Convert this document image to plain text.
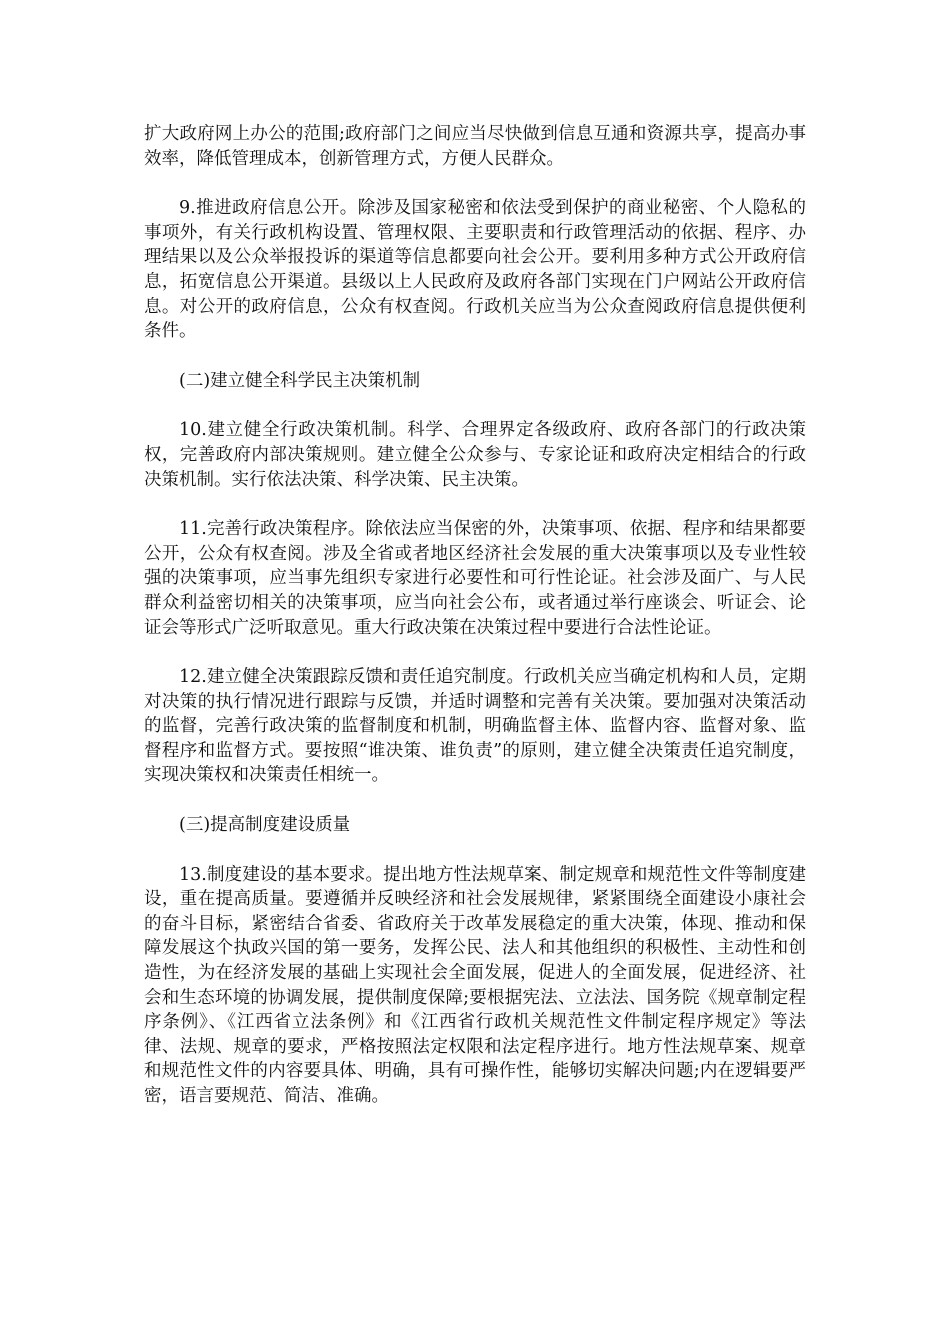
扩大政府网上办公的范围;政府部门之间应当尽快做到信息互通和资源共享，提高办事效率，降低管理成本，创新管理方式，方便人民群众。

9.推进政府信息公开。除涉及国家秘密和依法受到保护的商业秘密、个人隐私的事项外，有关行政机构设置、管理权限、主要职责和行政管理活动的依据、程序、办理结果以及公众举报投诉的渠道等信息都要向社会公开。要利用多种方式公开政府信息，拓宽信息公开渠道。县级以上人民政府及政府各部门实现在门户网站公开政府信息。对公开的政府信息，公众有权查阅。行政机关应当为公众查阅政府信息提供便利条件。

(二)建立健全科学民主决策机制

10.建立健全行政决策机制。科学、合理界定各级政府、政府各部门的行政决策权，完善政府内部决策规则。建立健全公众参与、专家论证和政府决定相结合的行政决策机制。实行依法决策、科学决策、民主决策。

11.完善行政决策程序。除依法应当保密的外，决策事项、依据、程序和结果都要公开，公众有权查阅。涉及全省或者地区经济社会发展的重大决策事项以及专业性较强的决策事项，应当事先组织专家进行必要性和可行性论证。社会涉及面广、与人民群众利益密切相关的决策事项，应当向社会公布，或者通过举行座谈会、听证会、论证会等形式广泛听取意见。重大行政决策在决策过程中要进行合法性论证。

12.建立健全决策跟踪反馈和责任追究制度。行政机关应当确定机构和人员，定期对决策的执行情况进行跟踪与反馈，并适时调整和完善有关决策。要加强对决策活动的监督，完善行政决策的监督制度和机制，明确监督主体、监督内容、监督对象、监督程序和监督方式。要按照“谁决策、谁负责”的原则，建立健全决策责任追究制度，实现决策权和决策责任相统一。

(三)提高制度建设质量

13.制度建设的基本要求。提出地方性法规草案、制定规章和规范性文件等制度建设，重在提高质量。要遵循并反映经济和社会发展规律，紧紧围绕全面建设小康社会的奋斗目标，紧密结合省委、省政府关于改革发展稳定的重大决策，体现、推动和保障发展这个执政兴国的第一要务，发挥公民、法人和其他组织的积极性、主动性和创造性，为在经济发展的基础上实现社会全面发展，促进人的全面发展，促进经济、社会和生态环境的协调发展，提供制度保障;要根据宪法、立法法、国务院《规章制定程序条例》、《江西省立法条例》和《江西省行政机关规范性文件制定程序规定》等法律、法规、规章的要求，严格按照法定权限和法定程序进行。地方性法规草案、规章和规范性文件的内容要具体、明确，具有可操作性，能够切实解决问题;内在逻辑要严密，语言要规范、简洁、准确。
